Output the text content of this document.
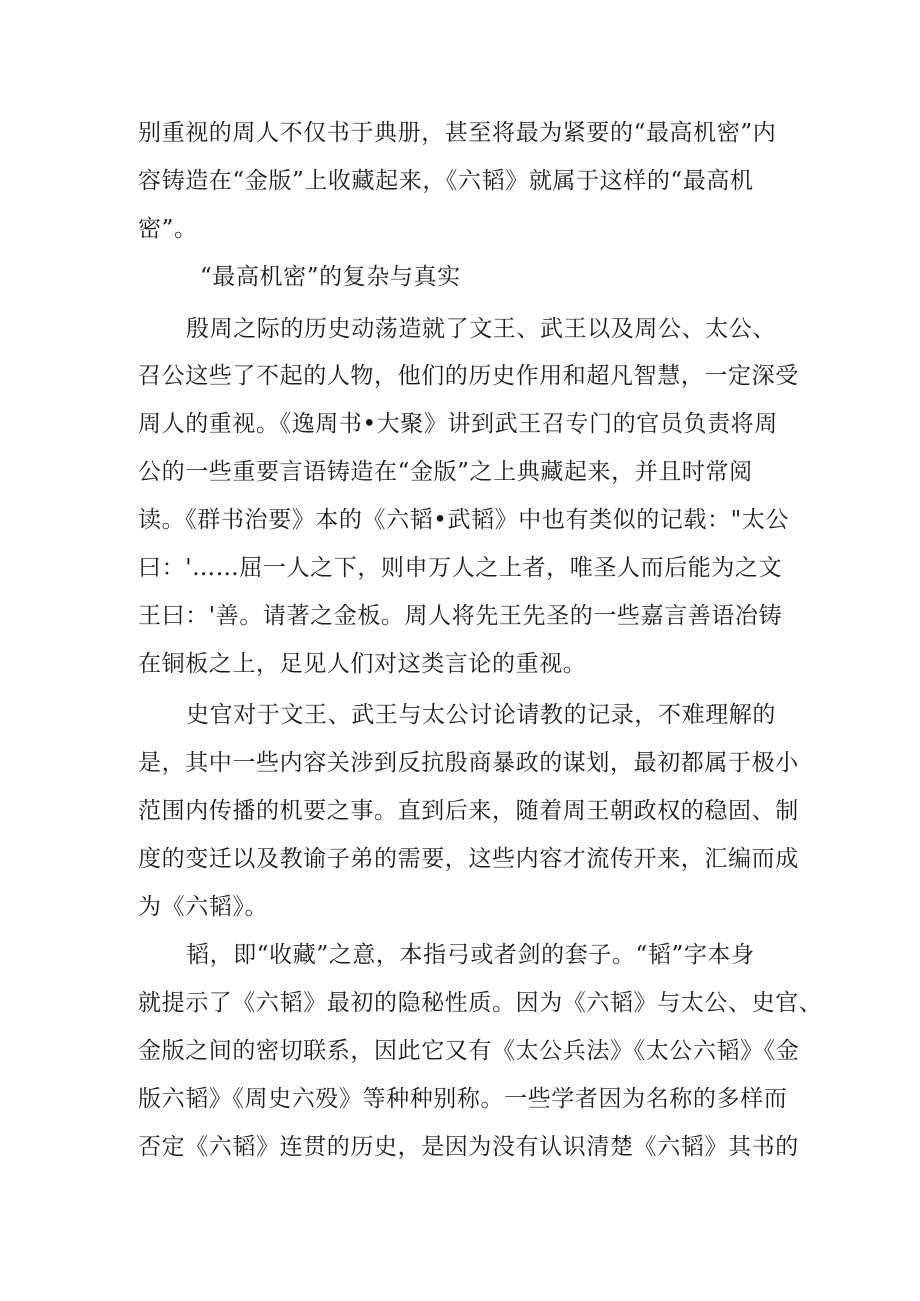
别重视的周人不仅书于典册，甚至将最为紧要的“最高机密”内

容铸造在“金版”上收藏起来，《六韬》就属于这样的“最高机

密”。

“最高机密”的复杂与真实

殷周之际的历史动荡造就了文王、武王以及周公、太公、

召公这些了不起的人物，他们的历史作用和超凡智慧，一定深受

周人的重视。《逸周书•大聚》讲到武王召专门的官员负责将周

公的一些重要言语铸造在“金版”之上典藏起来，并且时常阅

读。《群书治要》本的《六韬•武韬》中也有类似的记载："太公

曰：'……屈一人之下，则申万人之上者，唯圣人而后能为之文

王曰：'善。请著之金板。周人将先王先圣的一些嘉言善语冶铸

在铜板之上，足见人们对这类言论的重视。

史官对于文王、武王与太公讨论请教的记录，不难理解的

是，其中一些内容关涉到反抗殷商暴政的谋划，最初都属于极小

范围内传播的机要之事。直到后来，随着周王朝政权的稳固、制

度的变迁以及教谕子弟的需要，这些内容才流传开来，汇编而成

为《六韬》。

韬，即“收藏”之意，本指弓或者剑的套子。“韬”字本身

就提示了《六韬》最初的隐秘性质。因为《六韬》与太公、史官、

金版之间的密切联系，因此它又有《太公兵法》《太公六韬》《金

版六韬》《周史六殁》等种种别称。一些学者因为名称的多样而

否定《六韬》连贯的历史，是因为没有认识清楚《六韬》其书的
